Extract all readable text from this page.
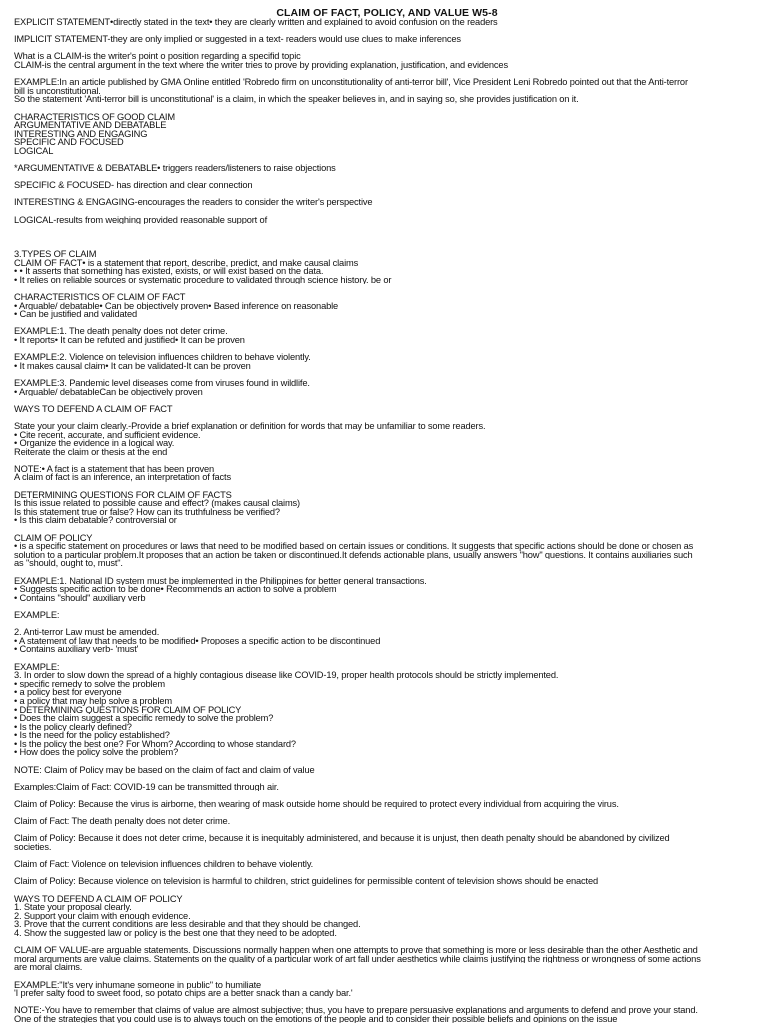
CLAIM OF FACT, POLICY, AND VALUE W5-8
EXPLICIT STATEMENT•directly stated in the text• they are clearly written and explained to avoid confusion on the readers
IMPLICIT STATEMENT-they are only implied or suggested in a text- readers would use clues to make inferences
What is a CLAIM-is the writer's point o position regarding a specifid topic
CLAIM-is the central argument in the text where the writer tries to prove by providing explanation, justification, and evidences
EXAMPLE:In an article published by GMA Online entitled 'Robredo firm on unconstitutionality of anti-terror bill', Vice President Leni Robredo pointed out that the Anti-terror
bill is unconstitutional.
So the statement 'Anti-terror bill is unconstitutional' is a claim, in which the speaker believes in, and in saying so, she provides justification on it.
CHARACTERISTICS OF GOOD CLAIM
ARGUMENTATIVE AND DEBATABLE
INTERESTING AND ENGAGING
SPECIFIC AND FOCUSED
LOGICAL
*ARGUMENTATIVE & DEBATABLE• triggers readers/listeners to raise objections
SPECIFIC & FOCUSED- has direction and clear connection
INTERESTING & ENGAGING-encourages the readers to consider the writer's perspective
LOGICAL-results from weighing provided reasonable support of
3.TYPES OF CLAIM
CLAIM OF FACT• is a statement that report, describe, predict, and make causal claims
• • It asserts that something has existed, exists, or will exist based on the data.
• It relies on reliable sources or systematic procedure to validated through science history. be or
CHARACTERISTICS OF CLAIM OF FACT
• Arguable/ debatable• Can be objectively proven• Based inference on reasonable
• Can be justified and validated
EXAMPLE:1. The death penalty does not deter crime.
• It reports• It can be refuted and justified• It can be proven
EXAMPLE:2. Violence on television influences children to behave violently.
• It makes causal claim• It can be validated-It can be proven
EXAMPLE:3. Pandemic level diseases come from viruses found in wildlife.
• Arguable/ debatableCan be objectively proven
WAYS TO DEFEND A CLAIM OF FACT
State your your claim clearly.-Provide a brief explanation or definition for words that may be unfamiliar to some readers.
• Cite recent, accurate, and sufficient evidence.
• Organize the evidence in a logical way.
Reiterate the claim or thesis at the end
NOTE:• A fact is a statement that has been proven
A claim of fact is an inference, an interpretation of facts
DETERMINING QUESTIONS FOR CLAIM OF FACTS
Is this issue related to possible cause and effect? (makes causal claims)
Is this statement true or false? How can its truthfulness be verified?
• Is this claim debatable? controversial or
CLAIM OF POLICY
• is a specific statement on procedures or laws that need to be modified based on certain issues or conditions. It suggests that specific actions should be done or chosen as
solution to a particular problem.It proposes that an action be taken or discontinued.It defends actionable plans, usually answers "how" questions. It contains auxiliaries such
as "should, ought to, must".
EXAMPLE:1. National ID system must be implemented in the Philippines for better general transactions.
• Suggests specific action to be done• Recommends an action to solve a problem
• Contains "should" auxiliary verb
EXAMPLE:
2. Anti-terror Law must be amended.
• A statement of law that needs to be modified• Proposes a specific action to be discontinued
• Contains auxiliary verb- 'must'
EXAMPLE:
3. In order to slow down the spread of a highly contagious disease like COVID-19, proper health protocols should be strictly implemented.
• specific remedy to solve the problem
• a policy best for everyone
• a policy that may help solve a problem
• DETERMINING QUESTIONS FOR CLAIM OF POLICY
• Does the claim suggest a specific remedy to solve the problem?
• Is the policy clearly defined?
• Is the need for the policy established?
• Is the policy the best one? For Whom? According to whose standard?
• How does the policy solve the problem?
NOTE: Claim of Policy may be based on the claim of fact and claim of value
Examples:Claim of Fact: COVID-19 can be transmitted through air.
Claim of Policy: Because the virus is airborne, then wearing of mask outside home should be required to protect every individual from acquiring the virus.
Claim of Fact: The death penalty does not deter crime.
Claim of Policy: Because it does not deter crime, because it is inequitably administered, and because it is unjust, then death penalty should be abandoned by civilized
societies.
Claim of Fact: Violence on television influences children to behave violently.
Claim of Policy: Because violence on television is harmful to children, strict guidelines for permissible content of television shows should be enacted
WAYS TO DEFEND A CLAIM OF POLICY
1. State your proposal clearly.
2. Support your claim with enough evidence.
3. Prove that the current conditions are less desirable and that they should be changed.
4. Show the suggested law or policy is the best one that they need to be adopted.
CLAIM OF VALUE-are arguable statements. Discussions normally happen when one attempts to prove that something is more or less desirable than the other Aesthetic and
moral arguments are value claims. Statements on the quality of a particular work of art fall under aesthetics while claims justifying the rightness or wrongness of some actions
are moral claims.
EXAMPLE:"It's very inhumane someone in public" to humiliate
'I prefer salty food to sweet food, so potato chips are a better snack than a candy bar.'
NOTE:-You have to remember that claims of value are almost subjective; thus, you have to prepare persuasive explanations and arguments to defend and prove your stand.
One of the strategies that you could use is to always touch on the emotions of the people and to consider their possible beliefs and opinions on the issue
